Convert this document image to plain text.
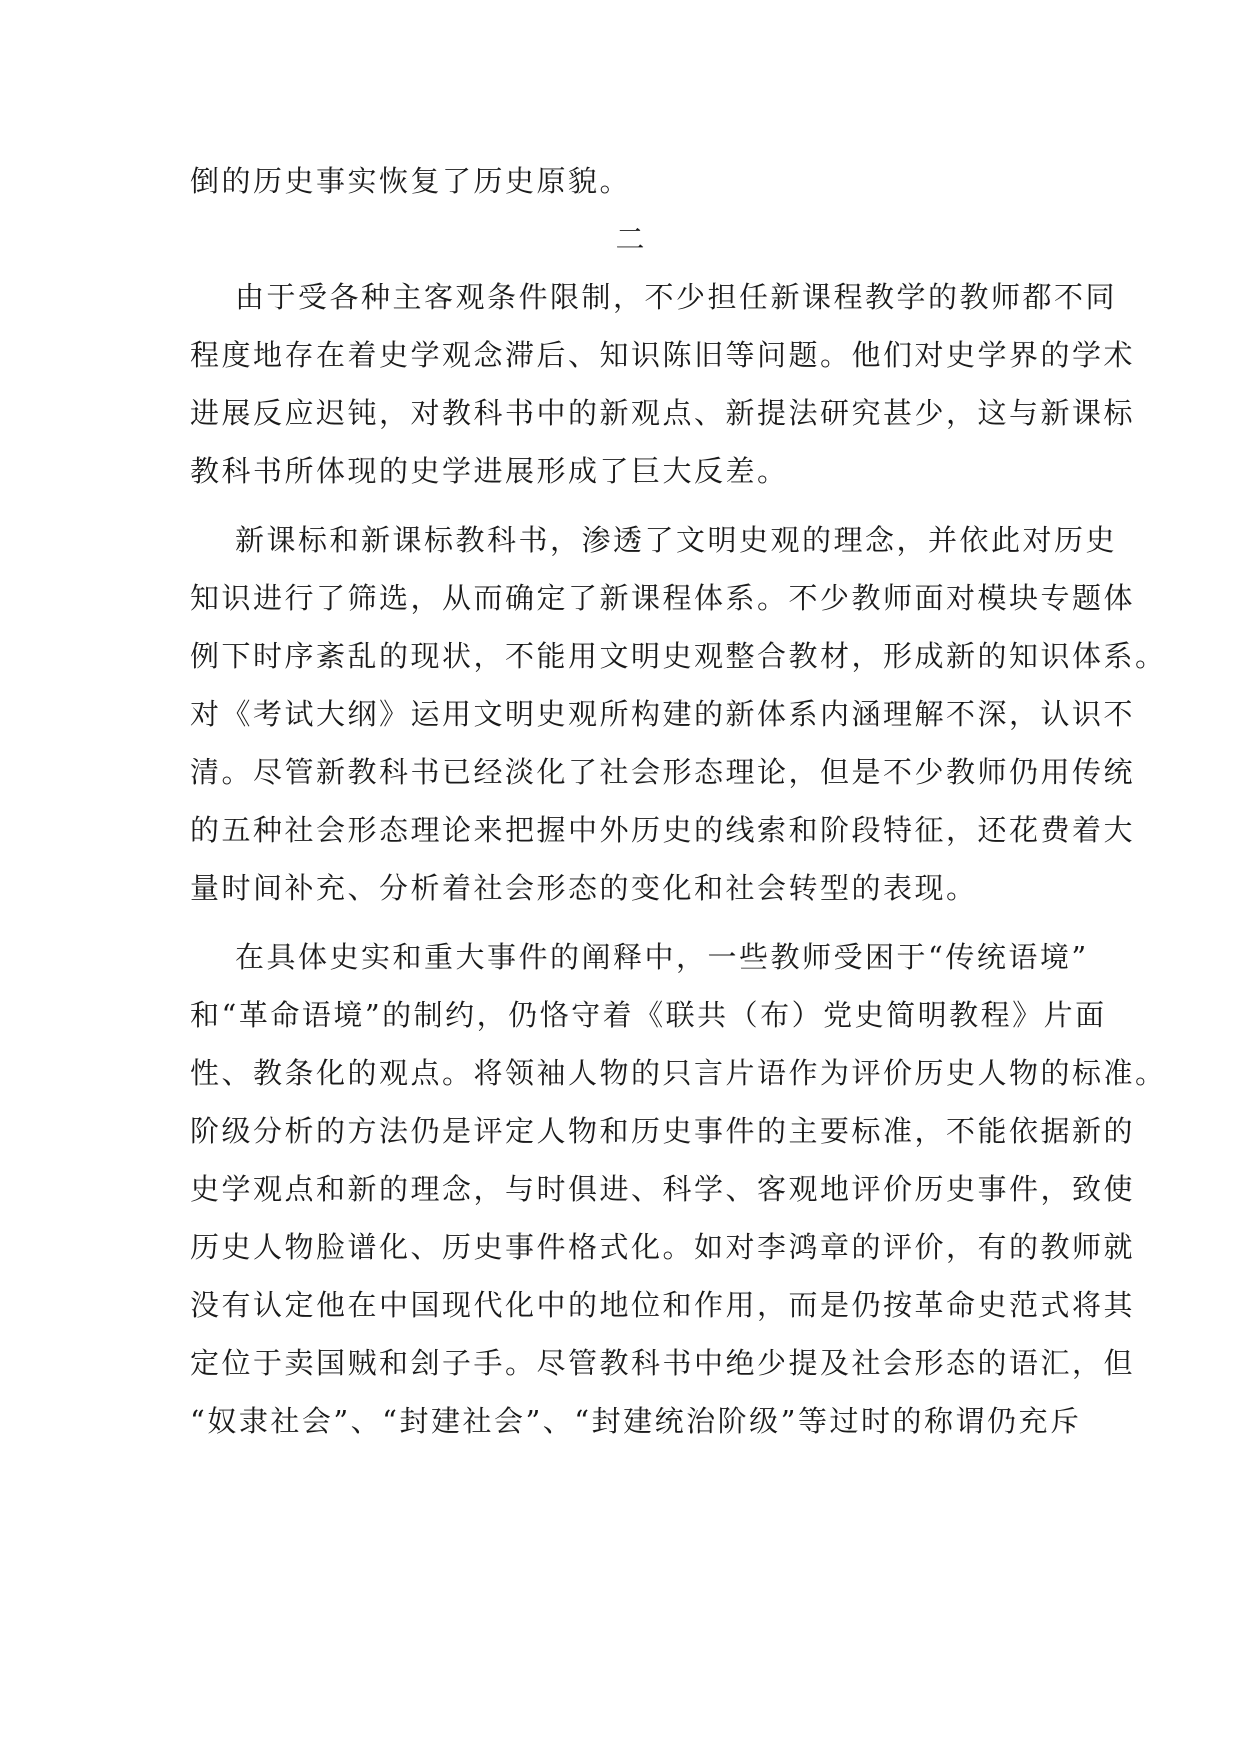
倒的历史事实恢复了历史原貌。
二
由于受各种主客观条件限制，不少担任新课程教学的教师都不同
程度地存在着史学观念滞后、知识陈旧等问题。他们对史学界的学术
进展反应迟钝，对教科书中的新观点、新提法研究甚少，这与新课标
教科书所体现的史学进展形成了巨大反差。
新课标和新课标教科书，渗透了文明史观的理念，并依此对历史
知识进行了筛选，从而确定了新课程体系。不少教师面对模块专题体
例下时序紊乱的现状，不能用文明史观整合教材，形成新的知识体系。
对《考试大纲》运用文明史观所构建的新体系内涵理解不深，认识不
清。尽管新教科书已经淡化了社会形态理论，但是不少教师仍用传统
的五种社会形态理论来把握中外历史的线索和阶段特征，还花费着大
量时间补充、分析着社会形态的变化和社会转型的表现。
在具体史实和重大事件的阐释中，一些教师受困于“传统语境”
和“革命语境”的制约，仍恪守着《联共（布）党史简明教程》片面
性、教条化的观点。将领袖人物的只言片语作为评价历史人物的标准。
阶级分析的方法仍是评定人物和历史事件的主要标准，不能依据新的
史学观点和新的理念，与时俱进、科学、客观地评价历史事件，致使
历史人物脸谱化、历史事件格式化。如对李鸿章的评价，有的教师就
没有认定他在中国现代化中的地位和作用，而是仍按革命史范式将其
定位于卖国贼和刽子手。尽管教科书中绝少提及社会形态的语汇，但
“奴隶社会”、“封建社会”、“封建统治阶级”等过时的称谓仍充斥
